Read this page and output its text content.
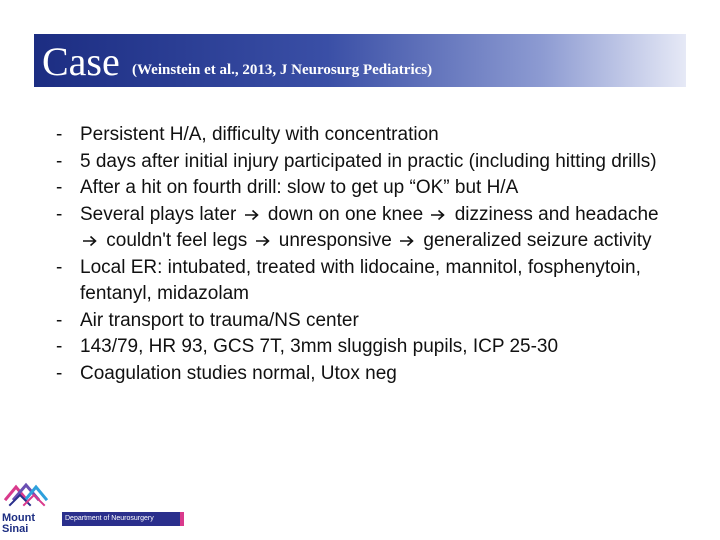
Case (Weinstein et al., 2013, J Neurosurg Pediatrics)
- Persistent H/A, difficulty with concentration
- 5 days after initial injury participated in practic (including hitting drills)
- After a hit on fourth drill: slow to get up “OK” but H/A
- Several plays later down on one knee dizziness and headache  couldn't feel legs unresponsive generalized seizure activity
- Local ER: intubated, treated with lidocaine, mannitol, fosphenytoin, fentanyl, midazolam
- Air transport to trauma/NS center
- 143/79, HR 93, GCS 7T, 3mm sluggish pupils, ICP 25-30
- Coagulation studies normal, Utox neg
Mount
Sinai
Department of Neurosurgery
